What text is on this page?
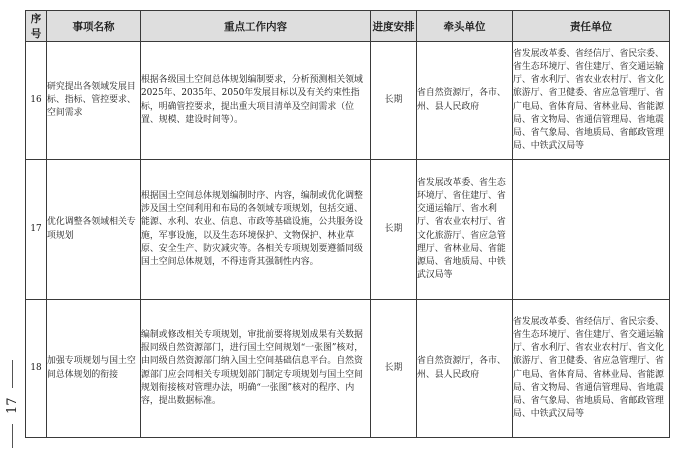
17
序号	事项名称	重点工作内容	进度安排	牵头单位	责任单位
16	研究提出各领域发展目标、指标、管控要求、空间需求	根据各级国土空间总体规划编制要求，分析预测相关领域2025年、2035年、2050年发展目标以及有关约束性指标，明确管控要求，提出重大项目清单及空间需求（位置、规模、建设时间等）。	长期	省自然资源厅，各市、州、县人民政府	省发展改革委、省经信厅、省民宗委、省生态环境厅、省住建厅、省交通运输厅、省水利厅、省农业农村厅、省文化旅游厅、省卫健委、省应急管理厅、省广电局、省体育局、省林业局、省能源局、省文物局、省通信管理局、省地震局、省气象局、省地质局、省邮政管理局、中铁武汉局等
17	优化调整各领域相关专项规划	根据国土空间总体规划编制时序、内容，编制或优化调整涉及国土空间利用和布局的各领域专项规划，包括交通、能源、水利、农业、信息、市政等基础设施，公共服务设施，军事设施，以及生态环境保护、文物保护、林业草原、安全生产、防灾减灾等。各相关专项规划要遵循同级国土空间总体规划，不得违背其强制性内容。	长期	省发展改革委、省生态环境厅、省住建厅、省交通运输厅、省水利厅、省农业农村厅、省文化旅游厅、省应急管理厅、省林业局、省能源局、省地质局、中铁武汉局等	
18	加强专项规划与国土空间总体规划的衔接	编制或修改相关专项规划，审批前要将规划成果有关数据报同级自然资源部门，进行国土空间规划“一张图”核对，由同级自然资源部门纳入国土空间基础信息平台。自然资源部门应会同相关专项规划部门制定专项规划与国土空间规划衔接核对管理办法，明确“一张图”核对的程序、内容，提出数据标准。	长期	省自然资源厅，各市、州、县人民政府	省发展改革委、省经信厅、省民宗委、省生态环境厅、省住建厅、省交通运输厅、省水利厅、省农业农村厅、省文化旅游厅、省卫健委、省应急管理厅、省广电局、省体育局、省林业局、省能源局、省文物局、省通信管理局、省地震局、省气象局、省地质局、省邮政管理局、中铁武汉局等
